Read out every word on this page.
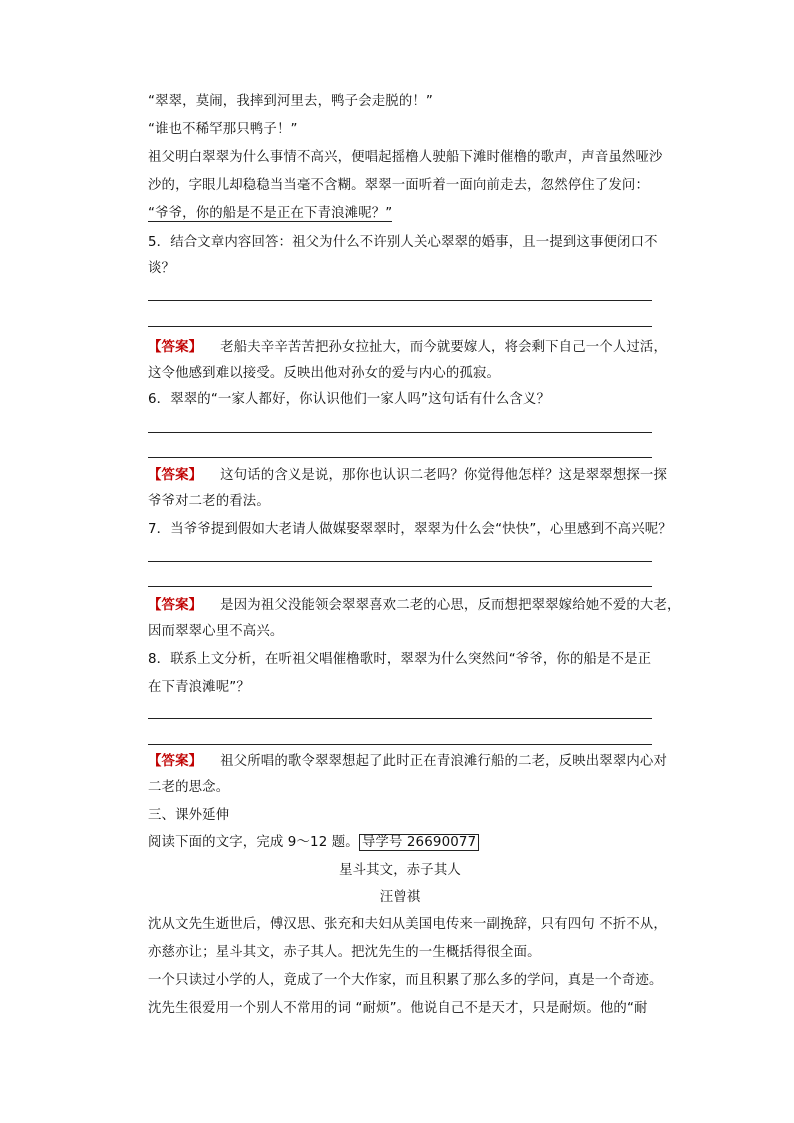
“翠翠，莫闹，我摔到河里去，鸭子会走脱的！”
“谁也不稀罕那只鸭子！”
祖父明白翠翠为什么事情不高兴，便唱起摇橹人驶船下滩时催橹的歌声，声音虽然哑沙
沙的，字眼儿却稳稳当当毫不含糊。翠翠一面听着一面向前走去，忽然停住了发问：
“爷爷，你的船是不是正在下青浪滩呢？”
5．结合文章内容回答：祖父为什么不许别人关心翠翠的婚事，且一提到这事便闭口不
谈？
【答案】 老船夫辛辛苦苦把孙女拉扯大，而今就要嫁人，将会剩下自己一个人过活，
这令他感到难以接受。反映出他对孙女的爱与内心的孤寂。
6．翠翠的“一家人都好，你认识他们一家人吗”这句话有什么含义？
【答案】 这句话的含义是说，那你也认识二老吗？你觉得他怎样？这是翠翠想探一探
爷爷对二老的看法。
7．当爷爷提到假如大老请人做媒娶翠翠时，翠翠为什么会“快快”，心里感到不高兴呢？
【答案】 是因为祖父没能领会翠翠喜欢二老的心思，反而想把翠翠嫁给她不爱的大老，
因而翠翠心里不高兴。
8．联系上文分析，在听祖父唱催橹歌时，翠翠为什么突然问“爷爷，你的船是不是正
在下青浪滩呢”？
【答案】 祖父所唱的歌令翠翠想起了此时正在青浪滩行船的二老，反映出翠翠内心对
二老的思念。
三、课外延伸
阅读下面的文字，完成 9～12 题。 导学号 26690077
星斗其文，赤子其人
汪曾祺
沈从文先生逝世后，傅汉思、张充和夫妇从美国电传来一副挽辞，只有四句 不折不从，
亦慈亦让；星斗其文，赤子其人。把沈先生的一生概括得很全面。
一个只读过小学的人，竟成了一个大作家，而且积累了那么多的学问，真是一个奇迹。
沈先生很爱用一个别人不常用的词 “耐烦”。他说自己不是天才，只是耐烦。他的“耐
